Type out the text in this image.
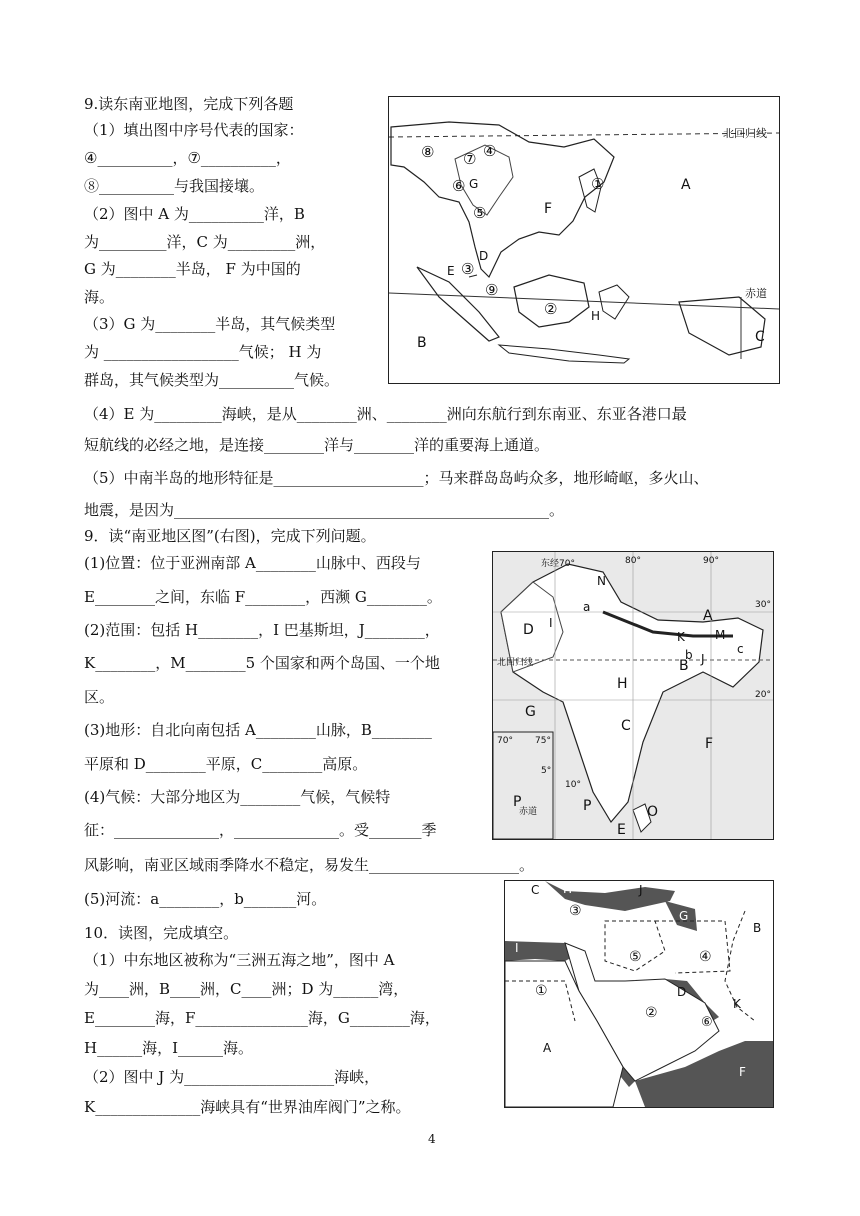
9.读东南亚地图，完成下列各题
（1）填出图中序号代表的国家：
④__________，⑦__________，
⑧__________与我国接壤。
（2）图中 A 为__________洋，B
为_________洋，C 为_________洲，
G 为________半岛， F 为中国的
海。
（3）G 为________半岛，其气候类型
为 __________________气候； H 为
群岛，其气候类型为__________气候。
（4）E 为_________海峡，是从________洲、________洲向东航行到东南亚、东亚各港口最
短航线的必经之地，是连接________洋与________洋的重要海上通道。
（5）中南半岛的地形特征是____________________；马来群岛岛屿众多，地形崎岖，多火山、
地震，是因为__________________________________________________。
北回归线
赤道
A
B	C
F
G
H
E
D
①
②
③
④
⑤
⑥
⑦
⑧
⑨
9．读“南亚地区图”(右图)，完成下列问题。
(1)位置：位于亚洲南部 A________山脉中、西段与
E________之间，东临 F________，西濒 G________。
(2)范围：包括 H________，I 巴基斯坦，J________，
K________，M________5 个国家和两个岛国、一个地
区。
(3)地形：自北向南包括 A________山脉，B________
平原和 D________平原，C________高原。
(4)气候：大部分地区为________气候，气候特
征：______________，______________。受_______季
风影响，南亚区域雨季降水不稳定，易发生____________________。
(5)河流：a________，b_______河。
东经70°	80°	90°
30°
20°
北回归线
赤道
10°
5°
70° 75°
N
I
a
D
A
K	M
J
c
b
B
H
G
C
F
P	P	O
E
10．读图，完成填空。
（1）中东地区被称为“三洲五海之地”，图中 A
为____洲，B____洲，C____洲；D 为______湾，
E________海，F_______________海，G________海，
H______海，I______海。
（2）图中 J 为____________________海峡，
K______________海峡具有“世界油库阀门”之称。
C H	J
G
B
I
③
⑤	④
①
②
D
K
⑥
E
A
F
4
